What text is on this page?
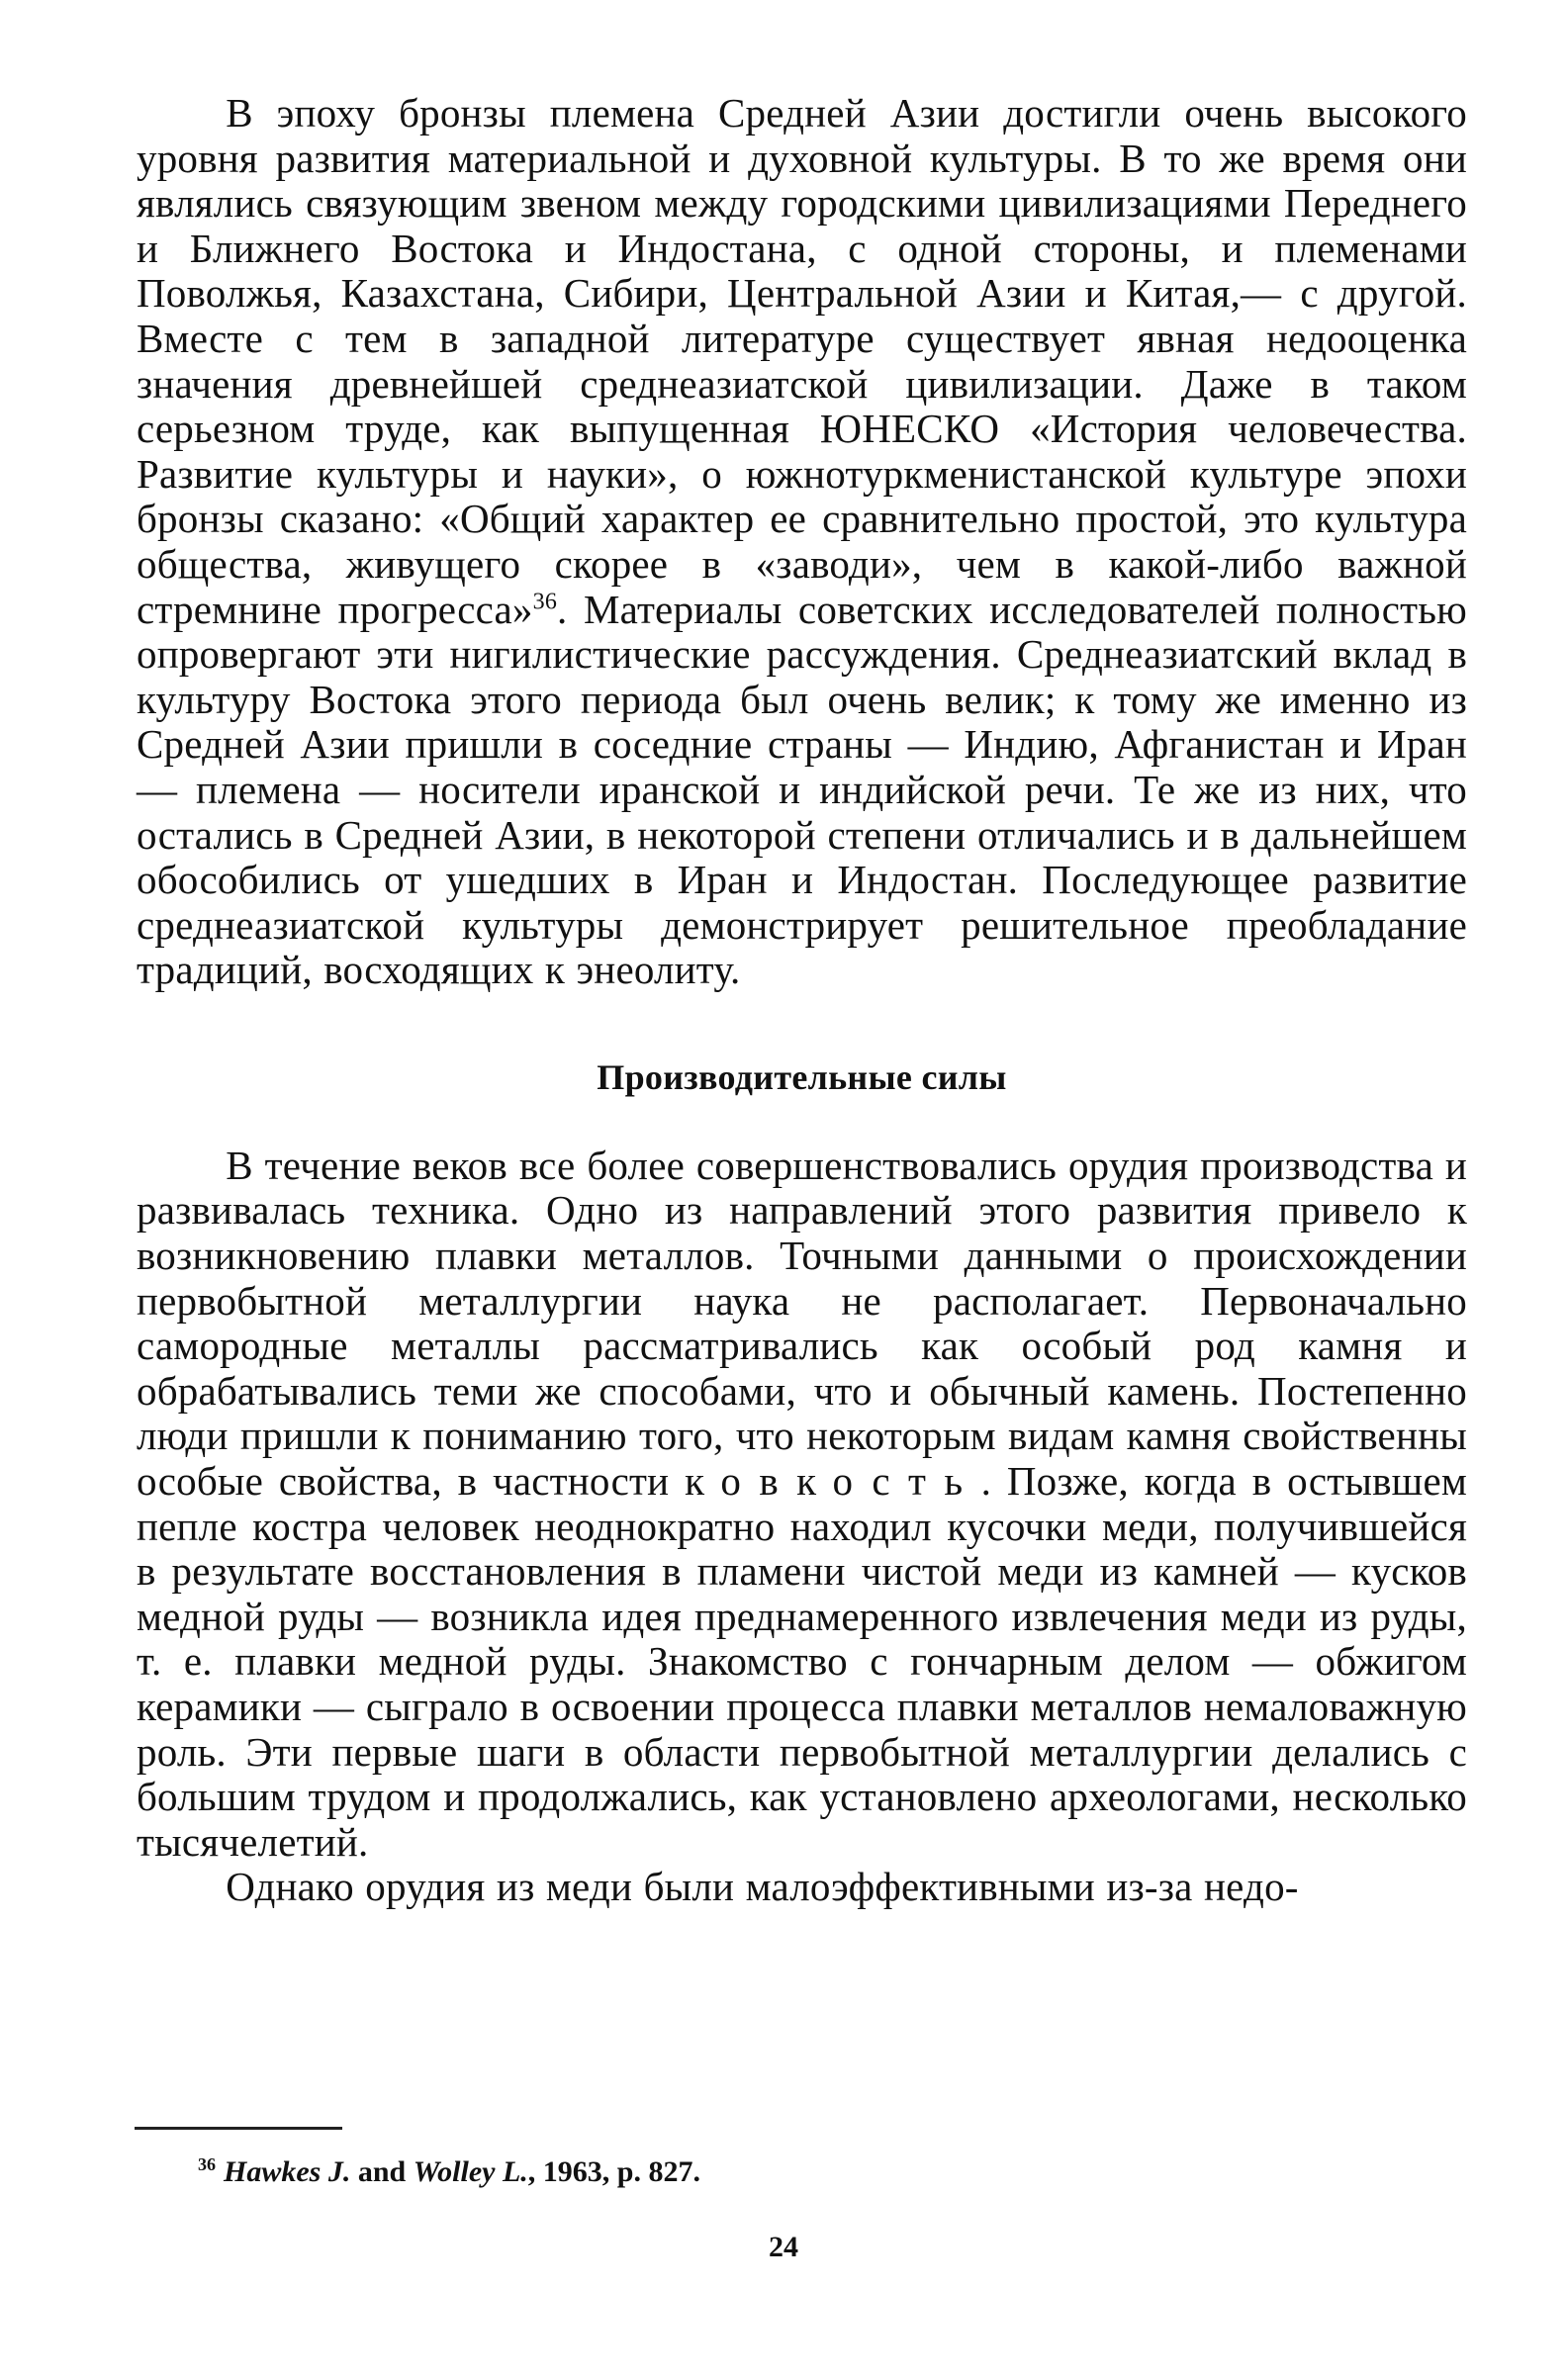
В эпоху бронзы племена Средней Азии достигли очень высокого уровня развития материальной и духовной культуры. В то же время они являлись связующим звеном между городскими цивилизациями Переднего и Ближнего Востока и Индостана, с одной стороны, и племенами Поволжья, Казахстана, Сибири, Центральной Азии и Китая,— с другой. Вместе с тем в западной литературе существует явная недооценка значения древнейшей среднеазиатской цивилизации. Даже в таком серьезном труде, как выпущенная ЮНЕСКО «История человечества. Развитие культуры и науки», о южнотуркменистанской культуре эпохи бронзы сказано: «Общий характер ее сравнительно простой, это культура общества, живущего скорее в «заводи», чем в какой-либо важной стремнине прогресса»$^{36}$. Материалы советских исследователей полностью опровергают эти нигилистические рассуждения. Среднеазиатский вклад в культуру Востока этого периода был очень велик; к тому же именно из Средней Азии пришли в соседние страны — Индию, Афганистан и Иран — племена — носители иранской и индийской речи. Те же из них, что остались в Средней Азии, в некоторой степени отличались и в дальнейшем обособились от ушедших в Иран и Индостан. Последующее развитие среднеазиатской культуры демонстрирует решительное преобладание традиций, восходящих к энеолиту.

Производительные силы

В течение веков все более совершенствовались орудия производства и развивалась техника. Одно из направлений этого развития привело к возникновению плавки металлов. Точными данными о происхождении первобытной металлургии наука не располагает. Первоначально самородные металлы рассматривались как особый род камня и обрабатывались теми же способами, что и обычный камень. Постепенно люди пришли к пониманию того, что некоторым видам камня свойственны особые свойства, в частности ковкость. Позже, когда в остывшем пепле костра человек неоднократно находил кусочки меди, получившейся в результате восстановления в пламени чистой меди из камней — кусков медной руды — возникла идея преднамеренного извлечения меди из руды, т. е. плавки медной руды. Знакомство с гончарным делом — обжигом керамики — сыграло в освоении процесса плавки металлов немаловажную роль. Эти первые шаги в области первобытной металлургии делались с большим трудом и продолжались, как установлено археологами, несколько тысячелетий.

Однако орудия из меди были малоэффективными из-за недо-

$^{36}$ Hawkes J. and Wolley L., 1963, p. 827.
24
